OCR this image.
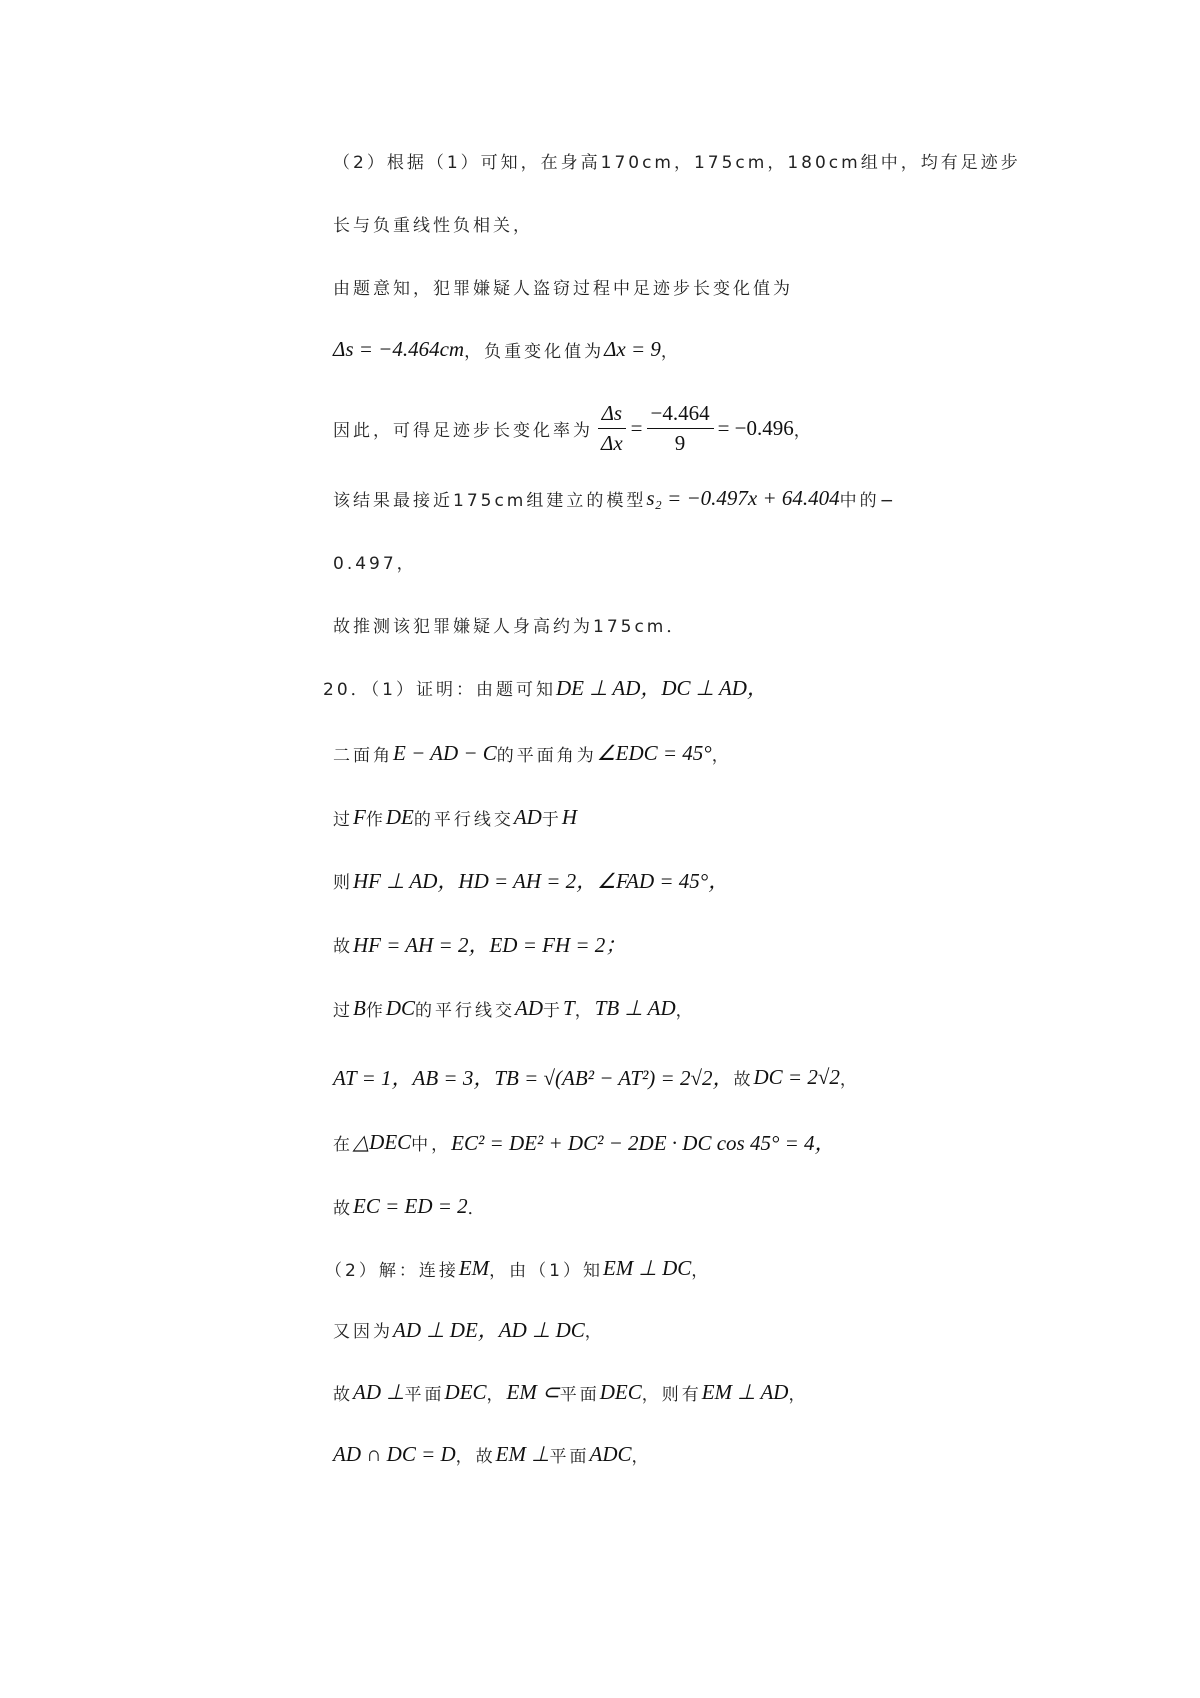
（2）根据（1）可知，在身高170cm，175cm，180cm组中，均有足迹步
长与负重线性负相关，
由题意知，犯罪嫌疑人盗窃过程中足迹步长变化值为
Δs = −4.464cm ，负重变化值为 Δx = 9 ，
因此，可得足迹步长变化率为 $\frac{\Delta s}{\Delta x} = \frac{-4.464}{9} = -0.496$ ，
该结果最接近175cm组建立的模型 s₂ = −0.497x + 64.404 中的−
0.497，
故推测该犯罪嫌疑人身高约为175cm．
20．（1）证明：由题可知 DE ⊥ AD，DC ⊥ AD，
二面角 E − AD − C 的平面角为 ∠EDC = 45° ，
过 F 作 DE 的平行线交 AD 于 H
则 HF ⊥ AD，HD = AH = 2，∠FAD = 45°，
故 HF = AH = 2，ED = FH = 2；
过 B 作 DC 的平行线交 AD 于 T ， TB ⊥ AD ，
AT = 1，AB = 3，TB = √(AB² − AT²) = 2√2， 故 DC = 2√2 ，
在 △DEC 中， EC² = DE² + DC² − 2DE · DC cos 45° = 4，
故 EC = ED = 2 ．
（2）解：连接 EM ，由（1）知 EM ⊥ DC ，
又因为 AD ⊥ DE，AD ⊥ DC ，
故 AD ⊥ 平面 DEC ， EM ⊂ 平面 DEC ，则有 EM ⊥ AD ，
AD ∩ DC = D ，故 EM ⊥ 平面 ADC ，
